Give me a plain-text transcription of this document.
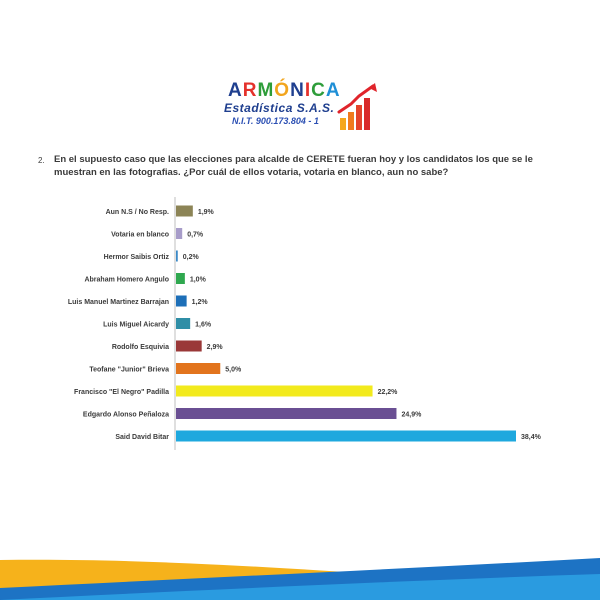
ARMÓNICA
Estadística S.A.S.
N.I.T. 900.173.804 - 1
2. En el supuesto caso que las elecciones para alcalde de CERETE fueran hoy y los candidatos los que se le muestran en las fotografias. ¿Por cuál de ellos votaria, votaria en blanco, aun no sabe?
Aun N.S / No Resp.	1,9%
Votaria en blanco	0,7%
Hermor Saibis Ortiz 0,2%
Abraham Homero Angulo	1,0%
Luis Manuel Martinez Barrajan	1,2%
Luis Miguel Aicardy	1,6%
Rodolfo Esquivia	2,9%
Teofane "Junior" Brieva	5,0%
Francisco "El Negro" Padilla	22,2%
Edgardo Alonso Peñaloza	24,9%
Said David Bitar	38,4%
